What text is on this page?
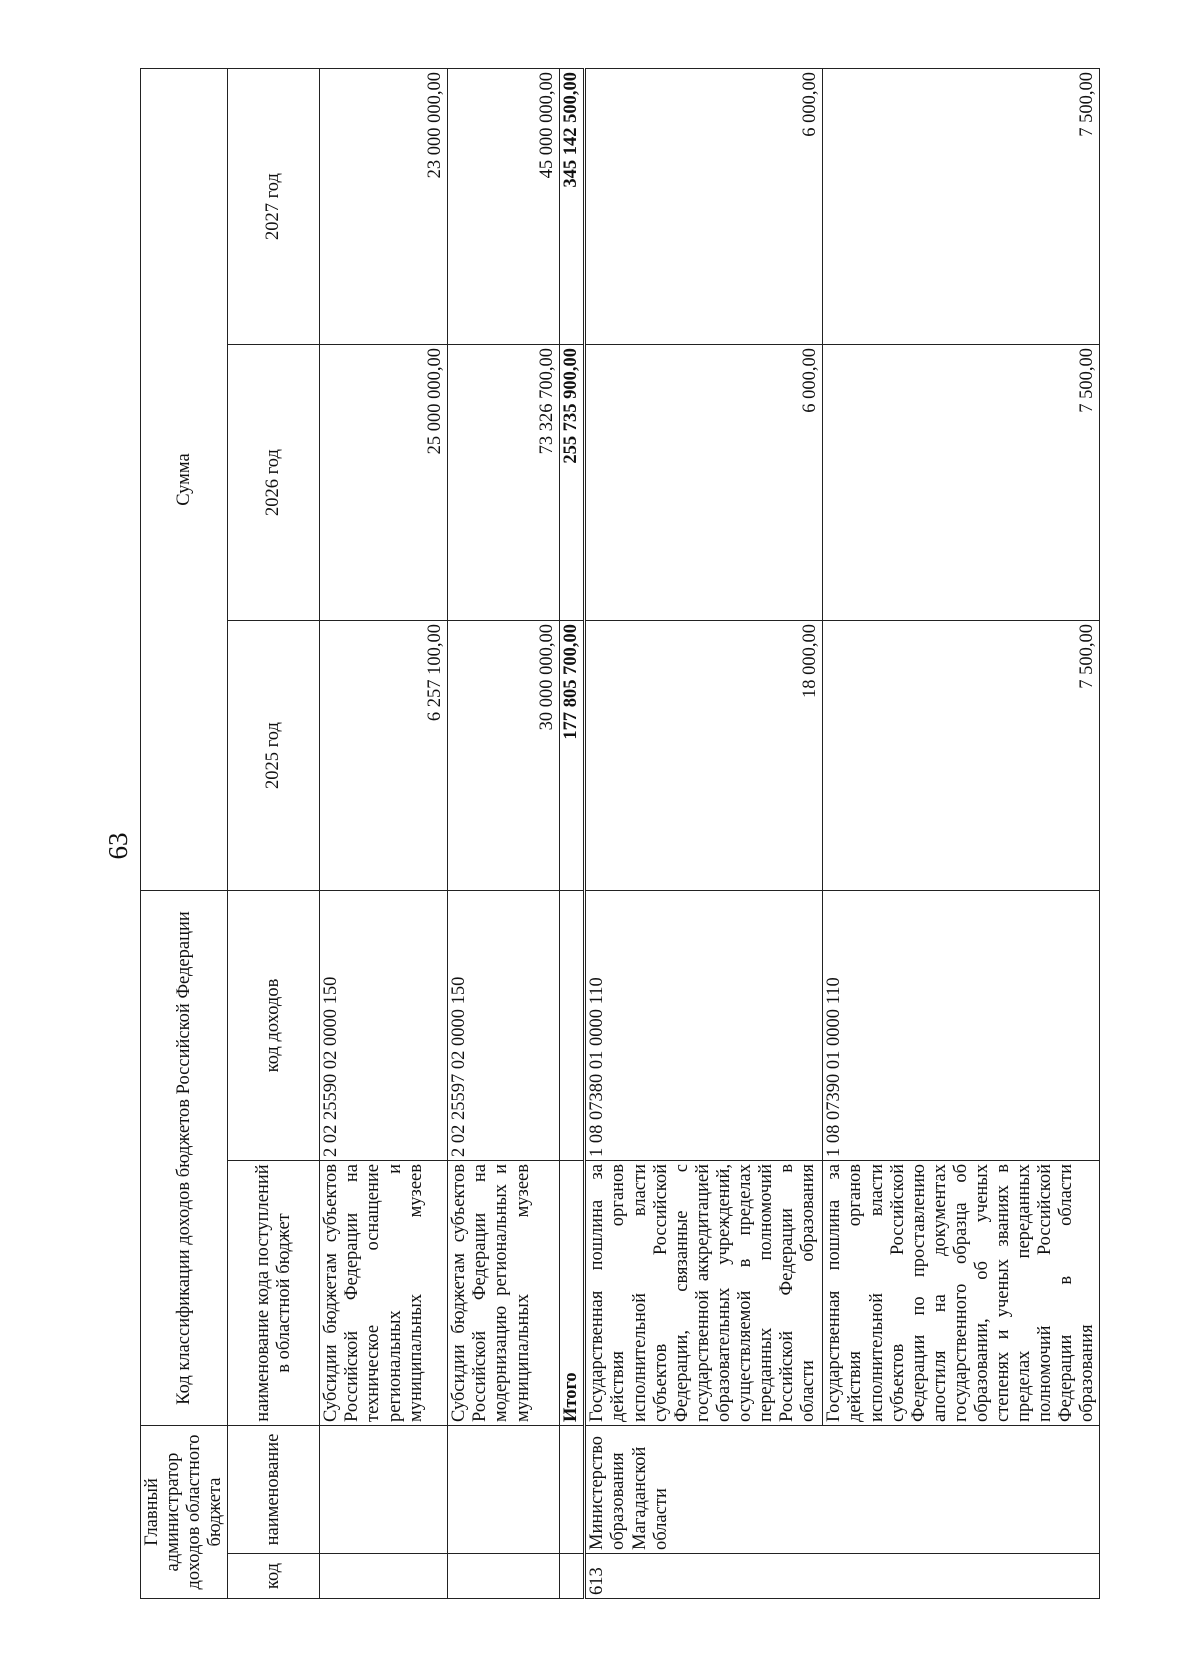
63
Главный администратор доходов областного бюджета		Код классификации доходов бюджетов Российской Федерации		Сумма		
код	наименование	наименование кода поступлений в областной бюджет	код доходов	2025 год	2026 год	2027 год
		Субсидии бюджетам субъектов Российской Федерации на техническое оснащение региональных и муниципальных музеев	2 02 25590 02 0000 150	6 257 100,00	25 000 000,00	23 000 000,00
		Субсидии бюджетам субъектов Российской Федерации на модернизацию региональных и муниципальных музеев	2 02 25597 02 0000 150	30 000 000,00	73 326 700,00	45 000 000,00
		Итого		177 805 700,00	255 735 900,00	345 142 500,00
613	Министерство образования Магаданской области	Государственная пошлина за действия органов исполнительной власти субъектов Российской Федерации, связанные с государственной аккредитацией образовательных учреждений, осуществляемой в пределах переданных полномочий Российской Федерации в области образования	1 08 07380 01 0000 110	18 000,00	6 000,00	6 000,00
		Государственная пошлина за действия органов исполнительной власти субъектов Российской Федерации по проставлению апостиля на документах государственного образца об образовании, об ученых степенях и ученых званиях в пределах переданных полномочий Российской Федерации в области образования	1 08 07390 01 0000 110	7 500,00	7 500,00	7 500,00
